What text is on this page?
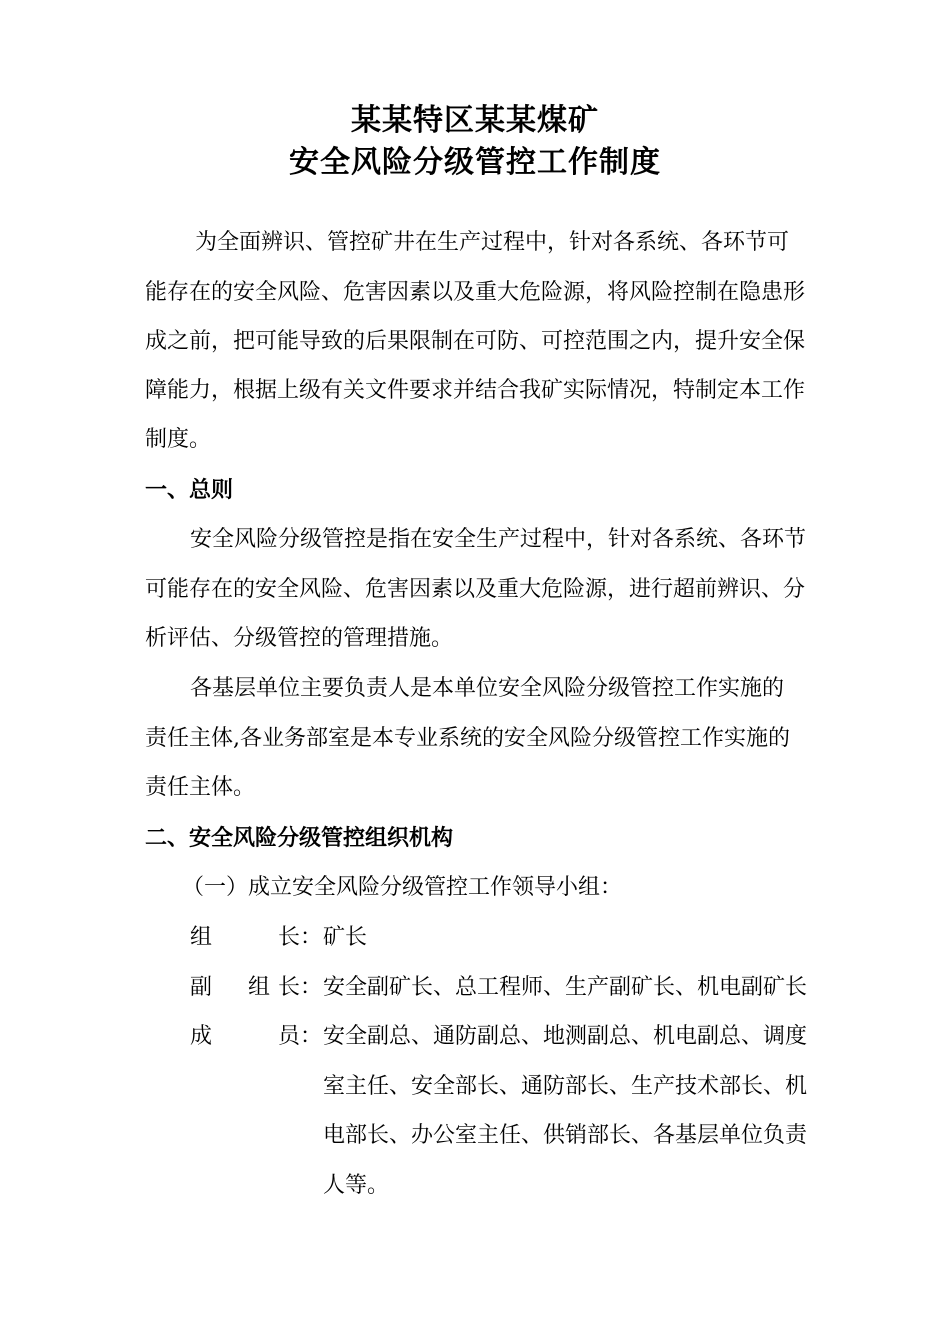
某某特区某某煤矿
安全风险分级管控工作制度
为全面辨识、管控矿井在生产过程中，针对各系统、各环节可
能存在的安全风险、危害因素以及重大危险源，将风险控制在隐患形
成之前，把可能导致的后果限制在可防、可控范围之内，提升安全保
障能力，根据上级有关文件要求并结合我矿实际情况，特制定本工作
制度。
一、总则
安全风险分级管控是指在安全生产过程中，针对各系统、各环节
可能存在的安全风险、危害因素以及重大危险源，进行超前辨识、分
析评估、分级管控的管理措施。
各基层单位主要负责人是本单位安全风险分级管控工作实施的
责任主体,各业务部室是本专业系统的安全风险分级管控工作实施的
责任主体。
二、安全风险分级管控组织机构
（一）成立安全风险分级管控工作领导小组：
组	长： 矿长
副　组 长： 安全副矿长、总工程师、生产副矿长、机电副矿长
成	员： 安全副总、通防副总、地测副总、机电副总、调度
室主任、安全部长、通防部长、生产技术部长、机
电部长、办公室主任、供销部长、各基层单位负责
人等。
